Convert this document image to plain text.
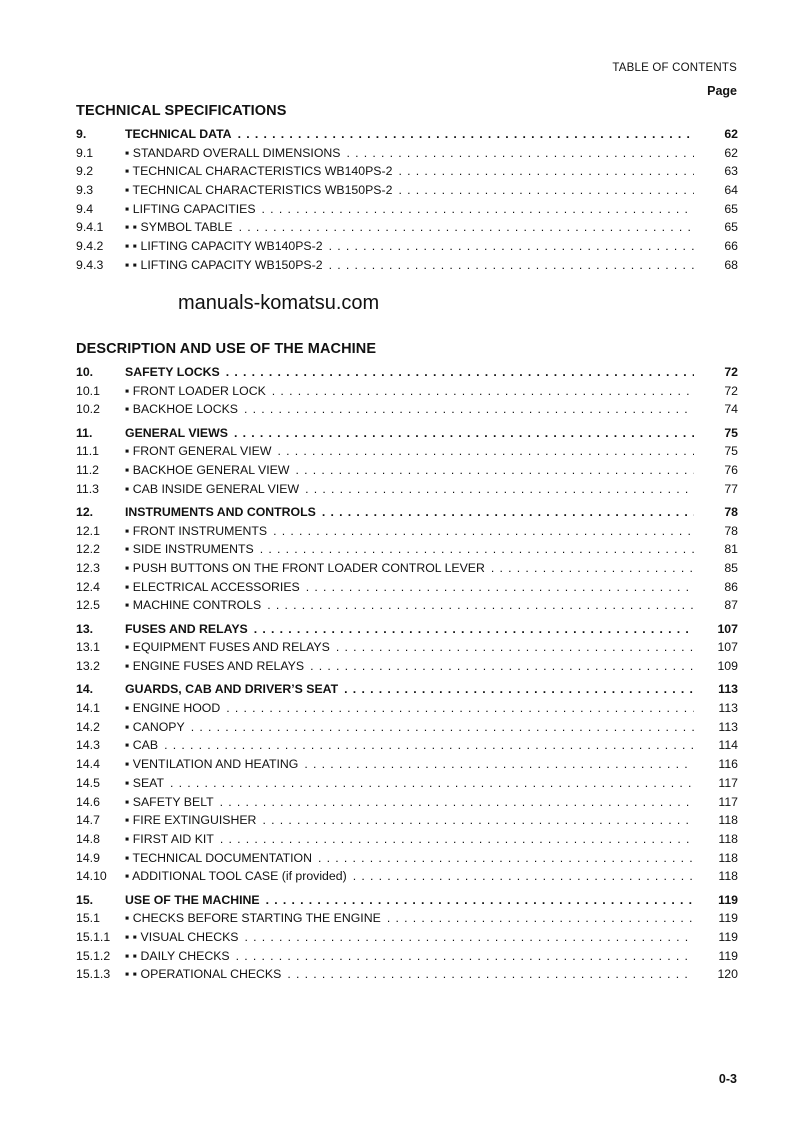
TABLE OF CONTENTS
Page
TECHNICAL SPECIFICATIONS
9.	TECHNICAL DATA . . .	62
9.1	▪ STANDARD OVERALL DIMENSIONS . . .	62
9.2	▪ TECHNICAL CHARACTERISTICS WB140PS-2 . . .	63
9.3	▪ TECHNICAL CHARACTERISTICS WB150PS-2 . . .	64
9.4	▪ LIFTING CAPACITIES . . .	65
9.4.1 ▪ ▪ SYMBOL TABLE . . .	65
9.4.2 ▪ ▪ LIFTING CAPACITY WB140PS-2 . . .	66
9.4.3 ▪ ▪ LIFTING CAPACITY WB150PS-2 . . .	68
manuals-komatsu.com
DESCRIPTION AND USE OF THE MACHINE
10.	SAFETY LOCKS . . .	72
10.1 ▪ FRONT LOADER LOCK . . .	72
10.2 ▪ BACKHOE LOCKS . . .	74
11.	GENERAL VIEWS . . .	75
11.1 ▪ FRONT GENERAL VIEW . . .	75
11.2 ▪ BACKHOE GENERAL VIEW . . .	76
11.3 ▪ CAB INSIDE GENERAL VIEW . . .	77
12.	INSTRUMENTS AND CONTROLS . . .	78
12.1 ▪ FRONT INSTRUMENTS . . .	78
12.2 ▪ SIDE INSTRUMENTS . . .	81
12.3 ▪ PUSH BUTTONS ON THE FRONT LOADER CONTROL LEVER . . .	85
12.4 ▪ ELECTRICAL ACCESSORIES . . .	86
12.5 ▪ MACHINE CONTROLS . . .	87
13.	FUSES AND RELAYS . . .	107
13.1 ▪ EQUIPMENT FUSES AND RELAYS . . .	107
13.2 ▪ ENGINE FUSES AND RELAYS . . .	109
14.	GUARDS, CAB AND DRIVER’S SEAT . . .	113
14.1 ▪ ENGINE HOOD . . .	113
14.2 ▪ CANOPY . . .	113
14.3 ▪ CAB . . .	114
14.4 ▪ VENTILATION AND HEATING . . .	116
14.5 ▪ SEAT . . .	117
14.6 ▪ SAFETY BELT . . .	117
14.7 ▪ FIRE EXTINGUISHER . . .	118
14.8 ▪ FIRST AID KIT . . .	118
14.9 ▪ TECHNICAL DOCUMENTATION . . .	118
14.10 ▪ ADDITIONAL TOOL CASE (if provided) . . .	118
15.	USE OF THE MACHINE . . .	119
15.1 ▪ CHECKS BEFORE STARTING THE ENGINE . . .	119
15.1.1 ▪ ▪ VISUAL CHECKS . . .	119
15.1.2 ▪ ▪ DAILY CHECKS . . .	119
15.1.3 ▪ ▪ OPERATIONAL CHECKS . . .	120
0-3
